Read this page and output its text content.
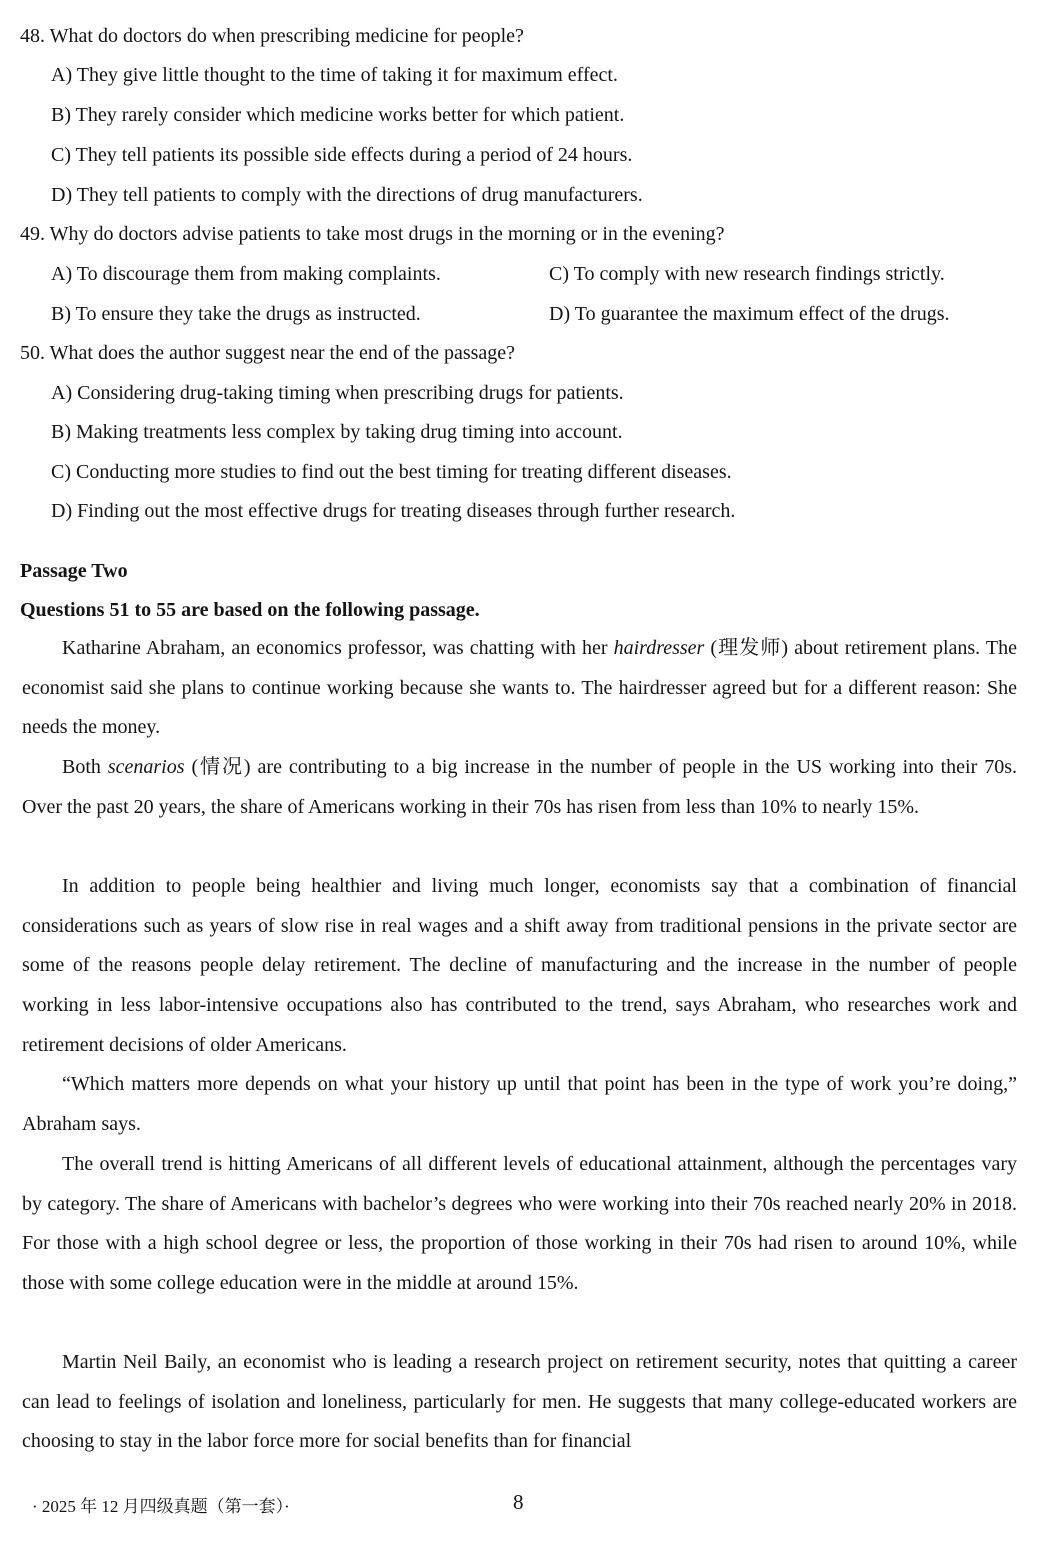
48. What do doctors do when prescribing medicine for people?
A) They give little thought to the time of taking it for maximum effect.
B) They rarely consider which medicine works better for which patient.
C) They tell patients its possible side effects during a period of 24 hours.
D) They tell patients to comply with the directions of drug manufacturers.
49. Why do doctors advise patients to take most drugs in the morning or in the evening?
A) To discourage them from making complaints.	C) To comply with new research findings strictly.
B) To ensure they take the drugs as instructed.	D) To guarantee the maximum effect of the drugs.
50. What does the author suggest near the end of the passage?
A) Considering drug-taking timing when prescribing drugs for patients.
B) Making treatments less complex by taking drug timing into account.
C) Conducting more studies to find out the best timing for treating different diseases.
D) Finding out the most effective drugs for treating diseases through further research.
Passage Two
Questions 51 to 55 are based on the following passage.

Katharine Abraham, an economics professor, was chatting with her hairdresser (理发师) about retirement plans. The economist said she plans to continue working because she wants to. The hairdresser agreed but for a different reason: She needs the money.

Both scenarios (情况) are contributing to a big increase in the number of people in the US working into their 70s. Over the past 20 years, the share of Americans working in their 70s has risen from less than 10% to nearly 15%.

In addition to people being healthier and living much longer, economists say that a combination of financial considerations such as years of slow rise in real wages and a shift away from traditional pensions in the private sector are some of the reasons people delay retirement. The decline of manufacturing and the increase in the number of people working in less labor-intensive occupations also has contributed to the trend, says Abraham, who researches work and retirement decisions of older Americans.

“Which matters more depends on what your history up until that point has been in the type of work you’re doing,” Abraham says.

The overall trend is hitting Americans of all different levels of educational attainment, although the percentages vary by category. The share of Americans with bachelor’s degrees who were working into their 70s reached nearly 20% in 2018. For those with a high school degree or less, the proportion of those working in their 70s had risen to around 10%, while those with some college education were in the middle at around 15%.

Martin Neil Baily, an economist who is leading a research project on retirement security, notes that quitting a career can lead to feelings of isolation and loneliness, particularly for men. He suggests that many college-educated workers are choosing to stay in the labor force more for social benefits than for financial

· 2025 年 12 月四级真题（第一套）·	8
